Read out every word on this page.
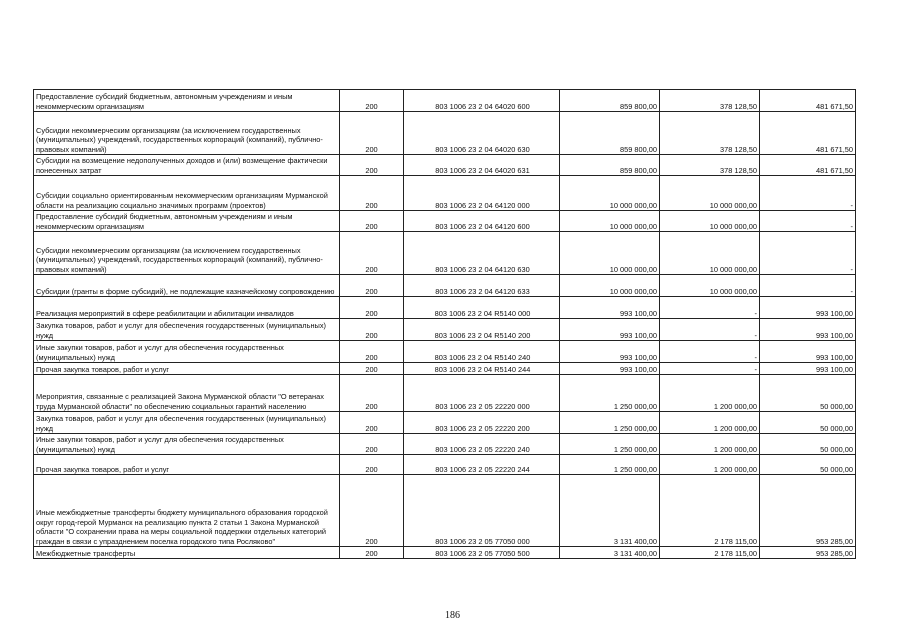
Предоставление субсидий бюджетным, автономным учреждениям и иным некоммерческим организациям	200	803 1006 23 2 04 64020 600	859 800,00	378 128,50	481 671,50
Субсидии некоммерческим организациям (за исключением государственных (муниципальных) учреждений, государственных корпораций (компаний), публично-правовых компаний)	200	803 1006 23 2 04 64020 630	859 800,00	378 128,50	481 671,50
Субсидии на возмещение недополученных доходов и (или) возмещение фактически понесенных затрат	200	803 1006 23 2 04 64020 631	859 800,00	378 128,50	481 671,50
Субсидии социально ориентированным некоммерческим организациям Мурманской области на реализацию социально значимых программ (проектов)	200	803 1006 23 2 04 64120 000	10 000 000,00	10 000 000,00	-
Предоставление субсидий бюджетным, автономным учреждениям и иным некоммерческим организациям	200	803 1006 23 2 04 64120 600	10 000 000,00	10 000 000,00	-
Субсидии некоммерческим организациям (за исключением государственных (муниципальных) учреждений, государственных корпораций (компаний), публично-правовых компаний)	200	803 1006 23 2 04 64120 630	10 000 000,00	10 000 000,00	-
Субсидии (гранты в форме субсидий), не подлежащие казначейскому сопровождению	200	803 1006 23 2 04 64120 633	10 000 000,00	10 000 000,00	-
Реализация мероприятий в сфере реабилитации и абилитации инвалидов	200	803 1006 23 2 04 R5140 000	993 100,00	-	993 100,00
Закупка товаров, работ и услуг для обеспечения государственных (муниципальных) нужд	200	803 1006 23 2 04 R5140 200	993 100,00	-	993 100,00
Иные закупки товаров, работ и услуг для обеспечения государственных (муниципальных) нужд	200	803 1006 23 2 04 R5140 240	993 100,00	-	993 100,00
Прочая закупка товаров, работ и услуг	200	803 1006 23 2 04 R5140 244	993 100,00	-	993 100,00
Мероприятия, связанные с реализацией Закона Мурманской области "О ветеранах труда Мурманской области" по обеспечению социальных гарантий населению	200	803 1006 23 2 05 22220 000	1 250 000,00	1 200 000,00	50 000,00
Закупка товаров, работ и услуг для обеспечения государственных (муниципальных) нужд	200	803 1006 23 2 05 22220 200	1 250 000,00	1 200 000,00	50 000,00
Иные закупки товаров, работ и услуг для обеспечения государственных (муниципальных) нужд	200	803 1006 23 2 05 22220 240	1 250 000,00	1 200 000,00	50 000,00
Прочая закупка товаров, работ и услуг	200	803 1006 23 2 05 22220 244	1 250 000,00	1 200 000,00	50 000,00
Иные межбюджетные трансферты бюджету муниципального образования городской округ город-герой Мурманск на реализацию пункта 2 статьи 1 Закона Мурманской области "О сохранении права на меры социальной поддержки отдельных категорий граждан в связи с упразднением поселка городского типа Росляково"	200	803 1006 23 2 05 77050 000	3 131 400,00	2 178 115,00	953 285,00
Межбюджетные трансферты	200	803 1006 23 2 05 77050 500	3 131 400,00	2 178 115,00	953 285,00
186
